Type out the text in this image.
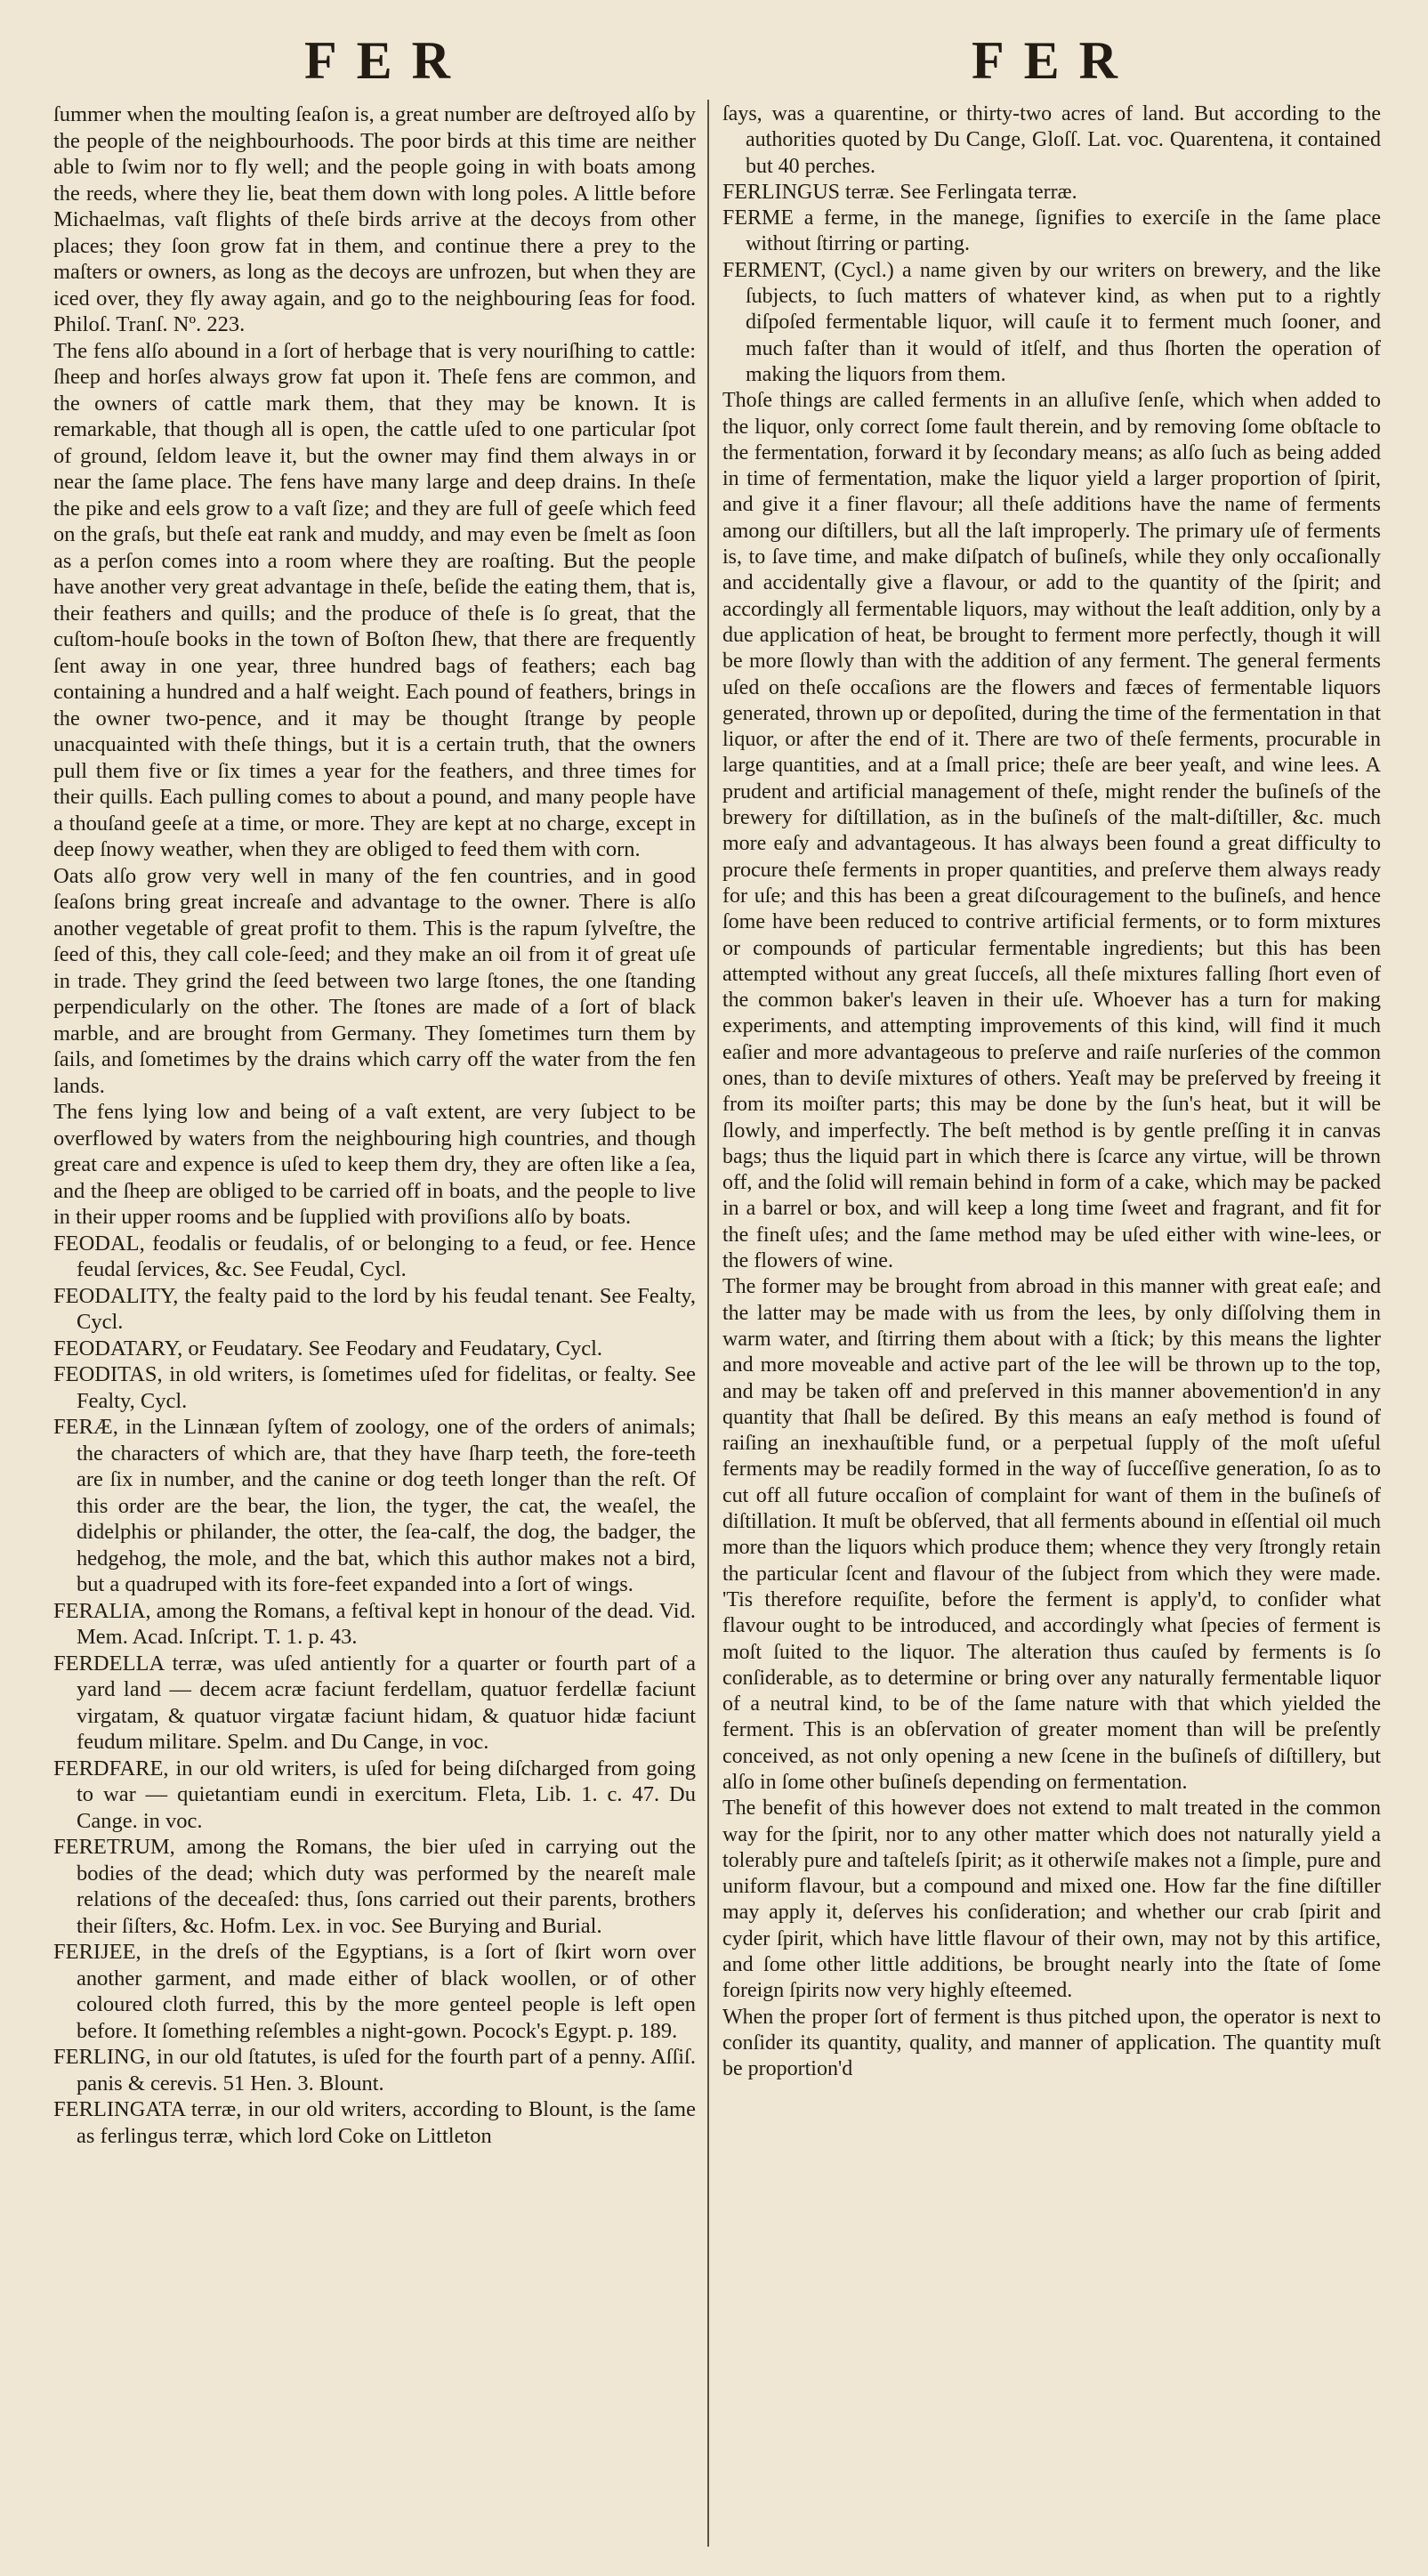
FER	FER

ſummer when the moulting ſeaſon is, a great number are deſtroyed alſo by the people of the neighbourhoods. The poor birds at this time are neither able to ſwim nor to fly well; and the people going in with boats among the reeds, where they lie, beat them down with long poles. A little before Michaelmas, vaſt flights of theſe birds arrive at the decoys from other places; they ſoon grow fat in them, and continue there a prey to the maſters or owners, as long as the decoys are unfrozen, but when they are iced over, they fly away again, and go to the neighbouring ſeas for food. Philoſ. Tranſ. Nº. 223.

The fens alſo abound in a ſort of herbage that is very nouriſhing to cattle: ſheep and horſes always grow fat upon it. Theſe fens are common, and the owners of cattle mark them, that they may be known. It is remarkable, that though all is open, the cattle uſed to one particular ſpot of ground, ſeldom leave it, but the owner may find them always in or near the ſame place. The fens have many large and deep drains. In theſe the pike and eels grow to a vaſt ſize; and they are full of geeſe which feed on the graſs, but theſe eat rank and muddy, and may even be ſmelt as ſoon as a perſon comes into a room where they are roaſting. But the people have another very great advantage in theſe, beſide the eating them, that is, their feathers and quills; and the produce of theſe is ſo great, that the cuſtom-houſe books in the town of Boſton ſhew, that there are frequently ſent away in one year, three hundred bags of feathers; each bag containing a hundred and a half weight. Each pound of feathers, brings in the owner two-pence, and it may be thought ſtrange by people unacquainted with theſe things, but it is a certain truth, that the owners pull them five or ſix times a year for the feathers, and three times for their quills. Each pulling comes to about a pound, and many people have a thouſand geeſe at a time, or more. They are kept at no charge, except in deep ſnowy weather, when they are obliged to feed them with corn.

Oats alſo grow very well in many of the fen countries, and in good ſeaſons bring great increaſe and advantage to the owner. There is alſo another vegetable of great profit to them. This is the rapum ſylveſtre, the ſeed of this, they call cole-ſeed; and they make an oil from it of great uſe in trade. They grind the ſeed between two large ſtones, the one ſtanding perpendicularly on the other. The ſtones are made of a ſort of black marble, and are brought from Germany. They ſometimes turn them by ſails, and ſometimes by the drains which carry off the water from the fen lands.

The fens lying low and being of a vaſt extent, are very ſubject to be overflowed by waters from the neighbouring high countries, and though great care and expence is uſed to keep them dry, they are often like a ſea, and the ſheep are obliged to be carried off in boats, and the people to live in their upper rooms and be ſupplied with proviſions alſo by boats.

FEODAL, feodalis or feudalis, of or belonging to a feud, or fee. Hence feudal ſervices, &c. See Feudal, Cycl.

FEODALITY, the fealty paid to the lord by his feudal tenant. See Fealty, Cycl.

FEODATARY, or Feudatary. See Feodary and Feudatary, Cycl.

FEODITAS, in old writers, is ſometimes uſed for fidelitas, or fealty. See Fealty, Cycl.

FERÆ, in the Linnæan ſyſtem of zoology, one of the orders of animals; the characters of which are, that they have ſharp teeth, the fore-teeth are ſix in number, and the canine or dog teeth longer than the reſt. Of this order are the bear, the lion, the tyger, the cat, the weaſel, the didelphis or philander, the otter, the ſea-calf, the dog, the badger, the hedgehog, the mole, and the bat, which this author makes not a bird, but a quadruped with its fore-feet expanded into a ſort of wings.

FERALIA, among the Romans, a feſtival kept in honour of the dead. Vid. Mem. Acad. Inſcript. T. 1. p. 43.

FERDELLA terræ, was uſed antiently for a quarter or fourth part of a yard land — decem acræ faciunt ferdellam, quatuor ferdellæ faciunt virgatam, & quatuor virgatæ faciunt hidam, & quatuor hidæ faciunt feudum militare. Spelm. and Du Cange, in voc.

FERDFARE, in our old writers, is uſed for being diſcharged from going to war — quietantiam eundi in exercitum. Fleta, Lib. 1. c. 47. Du Cange. in voc.

FERETRUM, among the Romans, the bier uſed in carrying out the bodies of the dead; which duty was performed by the neareſt male relations of the deceaſed: thus, ſons carried out their parents, brothers their ſiſters, &c. Hofm. Lex. in voc. See Burying and Burial.

FERIJEE, in the dreſs of the Egyptians, is a ſort of ſkirt worn over another garment, and made either of black woollen, or of other coloured cloth furred, this by the more genteel people is left open before. It ſomething reſembles a night-gown. Pocock's Egypt. p. 189.

FERLING, in our old ſtatutes, is uſed for the fourth part of a penny. Aſſiſ. panis & cerevis. 51 Hen. 3. Blount.

FERLINGATA terræ, in our old writers, according to Blount, is the ſame as ferlingus terræ, which lord Coke on Littleton

ſays, was a quarentine, or thirty-two acres of land. But according to the authorities quoted by Du Cange, Gloſſ. Lat. voc. Quarentena, it contained but 40 perches.

FERLINGUS terræ. See Ferlingata terræ.

FERME a ferme, in the manege, ſignifies to exerciſe in the ſame place without ſtirring or parting.

FERMENT, (Cycl.) a name given by our writers on brewery, and the like ſubjects, to ſuch matters of whatever kind, as when put to a rightly diſpoſed fermentable liquor, will cauſe it to ferment much ſooner, and much faſter than it would of itſelf, and thus ſhorten the operation of making the liquors from them.

Thoſe things are called ferments in an alluſive ſenſe, which when added to the liquor, only correct ſome fault therein, and by removing ſome obſtacle to the fermentation, forward it by ſecondary means; as alſo ſuch as being added in time of fermentation, make the liquor yield a larger proportion of ſpirit, and give it a finer flavour; all theſe additions have the name of ferments among our diſtillers, but all the laſt improperly. The primary uſe of ferments is, to ſave time, and make diſpatch of buſineſs, while they only occaſionally and accidentally give a flavour, or add to the quantity of the ſpirit; and accordingly all fermentable liquors, may without the leaſt addition, only by a due application of heat, be brought to ferment more perfectly, though it will be more ſlowly than with the addition of any ferment. The general ferments uſed on theſe occaſions are the flowers and fæces of fermentable liquors generated, thrown up or depoſited, during the time of the fermentation in that liquor, or after the end of it. There are two of theſe ferments, procurable in large quantities, and at a ſmall price; theſe are beer yeaſt, and wine lees. A prudent and artificial management of theſe, might render the buſineſs of the brewery for diſtillation, as in the buſineſs of the malt-diſtiller, &c. much more eaſy and advantageous. It has always been found a great difficulty to procure theſe ferments in proper quantities, and preſerve them always ready for uſe; and this has been a great diſcouragement to the buſineſs, and hence ſome have been reduced to contrive artificial ferments, or to form mixtures or compounds of particular fermentable ingredients; but this has been attempted without any great ſucceſs, all theſe mixtures falling ſhort even of the common baker's leaven in their uſe. Whoever has a turn for making experiments, and attempting improvements of this kind, will find it much eaſier and more advantageous to preſerve and raiſe nurſeries of the common ones, than to deviſe mixtures of others. Yeaſt may be preſerved by freeing it from its moiſter parts; this may be done by the ſun's heat, but it will be ſlowly, and imperfectly. The beſt method is by gentle preſſing it in canvas bags; thus the liquid part in which there is ſcarce any virtue, will be thrown off, and the ſolid will remain behind in form of a cake, which may be packed in a barrel or box, and will keep a long time ſweet and fragrant, and fit for the fineſt uſes; and the ſame method may be uſed either with wine-lees, or the flowers of wine.

The former may be brought from abroad in this manner with great eaſe; and the latter may be made with us from the lees, by only diſſolving them in warm water, and ſtirring them about with a ſtick; by this means the lighter and more moveable and active part of the lee will be thrown up to the top, and may be taken off and preſerved in this manner abovemention'd in any quantity that ſhall be deſired. By this means an eaſy method is found of raiſing an inexhauſtible fund, or a perpetual ſupply of the moſt uſeful ferments may be readily formed in the way of ſucceſſive generation, ſo as to cut off all future occaſion of complaint for want of them in the buſineſs of diſtillation. It muſt be obſerved, that all ferments abound in eſſential oil much more than the liquors which produce them; whence they very ſtrongly retain the particular ſcent and flavour of the ſubject from which they were made. 'Tis therefore requiſite, before the ferment is apply'd, to conſider what flavour ought to be introduced, and accordingly what ſpecies of ferment is moſt ſuited to the liquor. The alteration thus cauſed by ferments is ſo conſiderable, as to determine or bring over any naturally fermentable liquor of a neutral kind, to be of the ſame nature with that which yielded the ferment. This is an obſervation of greater moment than will be preſently conceived, as not only opening a new ſcene in the buſineſs of diſtillery, but alſo in ſome other buſineſs depending on fermentation.

The benefit of this however does not extend to malt treated in the common way for the ſpirit, nor to any other matter which does not naturally yield a tolerably pure and taſteleſs ſpirit; as it otherwiſe makes not a ſimple, pure and uniform flavour, but a compound and mixed one. How far the fine diſtiller may apply it, deſerves his conſideration; and whether our crab ſpirit and cyder ſpirit, which have little flavour of their own, may not by this artifice, and ſome other little additions, be brought nearly into the ſtate of ſome foreign ſpirits now very highly eſteemed.

When the proper ſort of ferment is thus pitched upon, the operator is next to conſider its quantity, quality, and manner of application. The quantity muſt be proportion'd
